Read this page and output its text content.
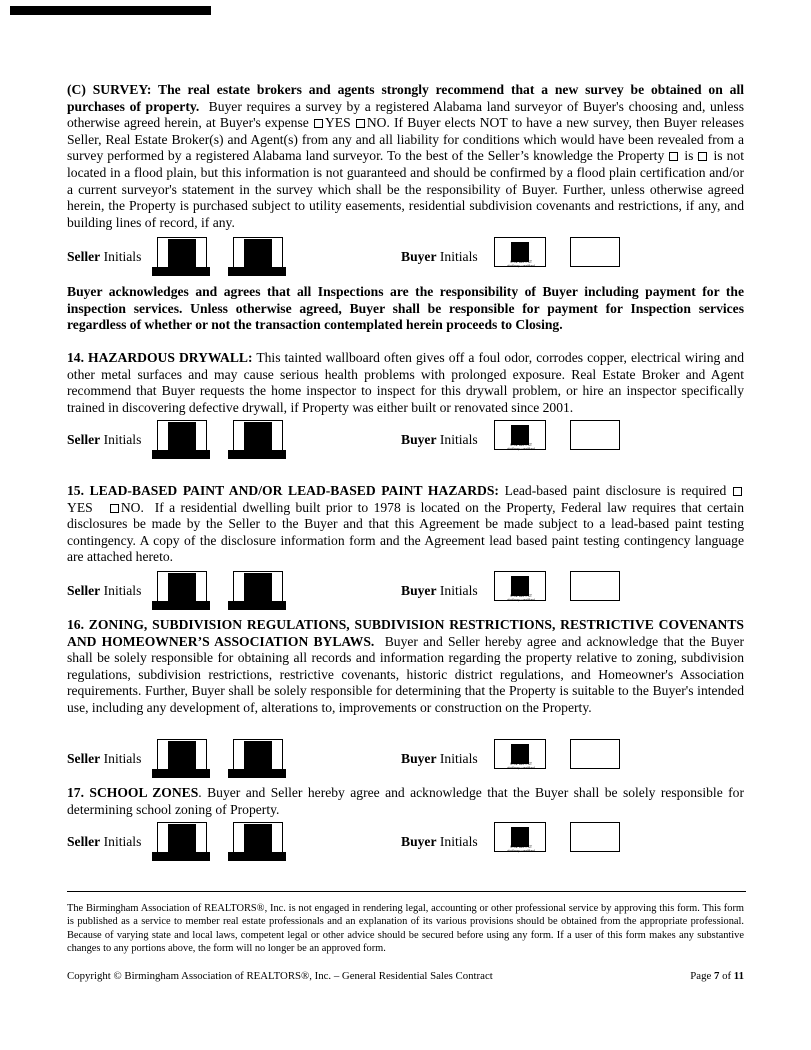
(C) SURVEY: The real estate brokers and agents strongly recommend that a new survey be obtained on all purchases of property. Buyer requires a survey by a registered Alabama land surveyor of Buyer's choosing and, unless otherwise agreed herein, at Buyer's expense YES NO. If Buyer elects NOT to have a new survey, then Buyer releases Seller, Real Estate Broker(s) and Agent(s) from any and all liability for conditions which would have been revealed from a survey performed by a registered Alabama land surveyor. To the best of the Seller’s knowledge the Property is is not located in a flood plain, but this information is not guaranteed and should be confirmed by a flood plain certification and/or a current surveyor's statement in the survey which shall be the responsibility of Buyer. Further, unless otherwise agreed herein, the Property is purchased subject to utility easements, residential subdivision covenants and restrictions, if any, and building lines of record, if any.

Seller Initials	Buyer Initials	9:32 AM PST
dotloop verified

Buyer acknowledges and agrees that all Inspections are the responsibility of Buyer including payment for the inspection services. Unless otherwise agreed, Buyer shall be responsible for payment for Inspection services regardless of whether or not the transaction contemplated herein proceeds to Closing.

14. HAZARDOUS DRYWALL: This tainted wallboard often gives off a foul odor, corrodes copper, electrical wiring and other metal surfaces and may cause serious health problems with prolonged exposure. Real Estate Broker and Agent recommend that Buyer requests the home inspector to inspect for this drywall problem, or hire an inspector specifically trained in discovering defective drywall, if Property was either built or renovated since 2001.

Seller Initials	Buyer Initials	9:32 AM PST
dotloop verified

15. LEAD-BASED PAINT AND/OR LEAD-BASED PAINT HAZARDS: Lead-based paint disclosure is required YES NO. If a residential dwelling built prior to 1978 is located on the Property, Federal law requires that certain disclosures be made by the Seller to the Buyer and that this Agreement be made subject to a lead-based paint testing contingency. A copy of the disclosure information form and the Agreement lead based paint testing contingency language are attached hereto.

Seller Initials	Buyer Initials	9:32 AM PST
dotloop verified

16. ZONING, SUBDIVISION REGULATIONS, SUBDIVISION RESTRICTIONS, RESTRICTIVE COVENANTS AND HOMEOWNER’S ASSOCIATION BYLAWS. Buyer and Seller hereby agree and acknowledge that the Buyer shall be solely responsible for obtaining all records and information regarding the property relative to zoning, subdivision regulations, subdivision restrictions, restrictive covenants, historic district regulations, and Homeowner's Association requirements. Further, Buyer shall be solely responsible for determining that the Property is suitable to the Buyer's intended use, including any development of, alterations to, improvements or construction on the Property.

Seller Initials	Buyer Initials	9:32 AM PST
dotloop verified

17. SCHOOL ZONES. Buyer and Seller hereby agree and acknowledge that the Buyer shall be solely responsible for determining school zoning of Property.

Seller Initials	Buyer Initials	9:32 AM PST
dotloop verified

The Birmingham Association of REALTORS®, Inc. is not engaged in rendering legal, accounting or other professional service by approving this form. This form is published as a service to member real estate professionals and an explanation of its various provisions should be obtained from the appropriate professional. Because of varying state and local laws, competent legal or other advice should be secured before using any form. If a user of this form makes any substantive changes to any portions above, the form will no longer be an approved form.

Copyright © Birmingham Association of REALTORS®, Inc. – General Residential Sales Contract	Page 7 of 11
